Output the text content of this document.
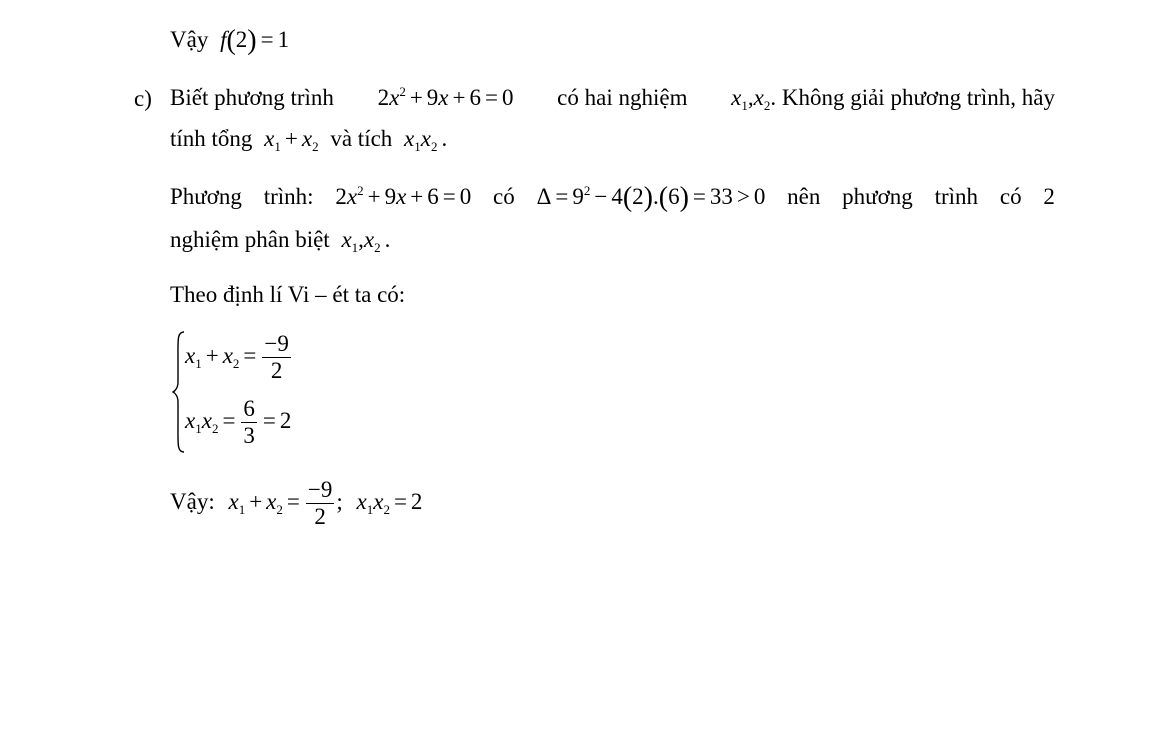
Vậy f(2) = 1
c) Biết phương trình $2x^2 + 9x + 6 = 0$ có hai nghiệm $x_1,x_2$. Không giải phương trình, hãy
tính tổng $x_1 + x_2$ và tích $x_1x_2$ .
Phương trình: $2x^2 + 9x + 6 = 0$ có $\Delta = 9^2 - 4(2).(6) = 33 > 0$ nên phương trình có 2
nghiệm phân biệt $x_1,x_2$ .
Theo định lí Vi – ét ta có:
$x_1 + x_2 = \frac{-9}{2}$
$x_1x_2 = \frac{6}{3} = 2$
Vậy: $x_1 + x_2 = \frac{-9}{2}$ ; $x_1x_2 = 2$
